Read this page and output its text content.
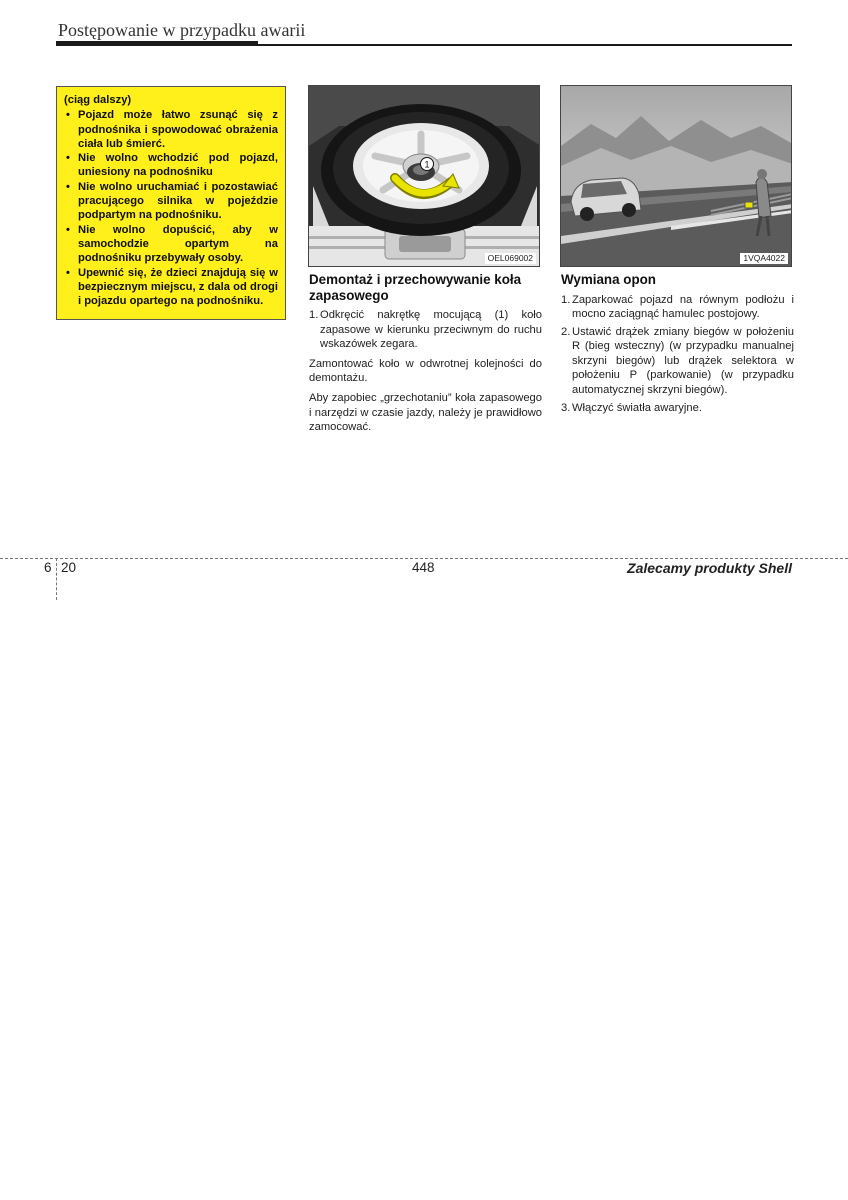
Postępowanie w przypadku awarii
(ciąg dalszy)
• Pojazd może łatwo zsunąć się z podnośnika i spowodować obrażenia ciała lub śmierć.
• Nie wolno wchodzić pod pojazd, uniesiony na podnośniku
• Nie wolno uruchamiać i pozostawiać pracującego silnika w pojeździe podpartym na podnośniku.
• Nie wolno dopuścić, aby w samochodzie opartym na podnośniku przebywały osoby.
• Upewnić się, że dzieci znajdują się w bezpiecznym miejscu, z dala od drogi i pojazdu opartego na podnośniku.
1
OEL069002	1VQA4022
Demontaż i przechowywanie koła zapasowego
1. Odkręcić nakrętkę mocującą (1) koło zapasowe w kierunku przeciwnym do ruchu wskazówek zegara.

Zamontować koło w odwrotnej kolejności do demontażu.

Aby zapobiec „grzechotaniu” koła zapasowego i narzędzi w czasie jazdy, należy je prawidłowo zamocować.

Wymiana opon
1. Zaparkować pojazd na równym podłożu i mocno zaciągnąć hamulec postojowy.
2. Ustawić drążek zmiany biegów w położeniu R (bieg wsteczny) (w przypadku manualnej skrzyni biegów) lub drążek selektora w położeniu P (parkowanie) (w przypadku automatycznej skrzyni biegów).
3. Włączyć światła awaryjne.
6 20	448	Zalecamy produkty Shell
